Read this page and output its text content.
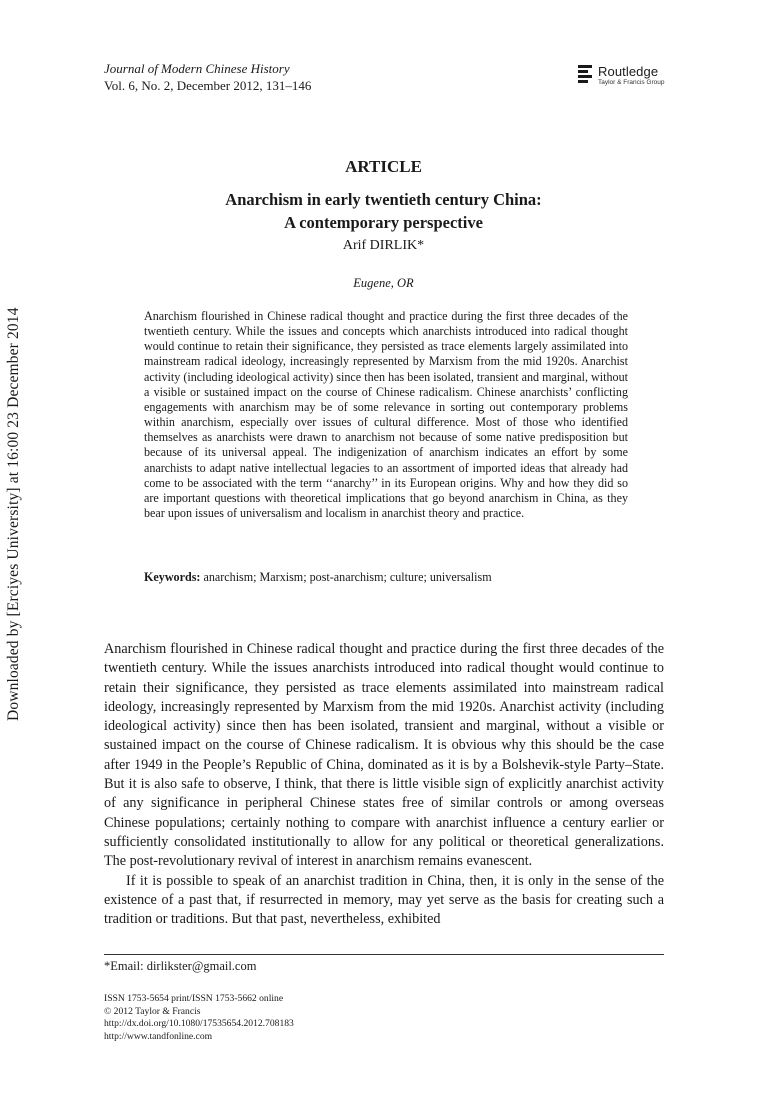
Journal of Modern Chinese History
Vol. 6, No. 2, December 2012, 131–146
Routledge
Taylor & Francis Group
Downloaded by [Erciyes University] at 16:00 23 December 2014
ARTICLE
Anarchism in early twentieth century China:
A contemporary perspective
Arif DIRLIK*
Eugene, OR

Anarchism flourished in Chinese radical thought and practice during the first three decades of the twentieth century. While the issues and concepts which anarchists introduced into radical thought would continue to retain their significance, they persisted as trace elements largely assimilated into mainstream radical ideology, increasingly represented by Marxism from the mid 1920s. Anarchist activity (including ideological activity) since then has been isolated, transient and marginal, without a visible or sustained impact on the course of Chinese radicalism. Chinese anarchists’ conflicting engagements with anarchism may be of some relevance in sorting out contemporary problems within anarchism, especially over issues of cultural difference. Most of those who identified themselves as anarchists were drawn to anarchism not because of some native predisposition but because of its universal appeal. The indigenization of anarchism indicates an effort by some anarchists to adapt native intellectual legacies to an assortment of imported ideas that already had come to be associated with the term ‘‘anarchy’’ in its European origins. Why and how they did so are important questions with theoretical implications that go beyond anarchism in China, as they bear upon issues of universalism and localism in anarchist theory and practice.

Keywords: anarchism; Marxism; post-anarchism; culture; universalism

Anarchism flourished in Chinese radical thought and practice during the first three decades of the twentieth century. While the issues anarchists introduced into radical thought would continue to retain their significance, they persisted as trace elements assimilated into mainstream radical ideology, increasingly represented by Marxism from the mid 1920s. Anarchist activity (including ideological activity) since then has been isolated, transient and marginal, without a visible or sustained impact on the course of Chinese radicalism. It is obvious why this should be the case after 1949 in the People’s Republic of China, dominated as it is by a Bolshevik-style Party–State. But it is also safe to observe, I think, that there is little visible sign of explicitly anarchist activity of any significance in peripheral Chinese states free of similar controls or among overseas Chinese populations; certainly nothing to compare with anarchist influence a century earlier or sufficiently consolidated institutionally to allow for any political or theoretical generalizations. The post-revolutionary revival of interest in anarchism remains evanescent.

If it is possible to speak of an anarchist tradition in China, then, it is only in the sense of the existence of a past that, if resurrected in memory, may yet serve as the basis for creating such a tradition or traditions. But that past, nevertheless, exhibited

*Email: dirlikster@gmail.com
ISSN 1753-5654 print/ISSN 1753-5662 online
© 2012 Taylor & Francis
http://dx.doi.org/10.1080/17535654.2012.708183
http://www.tandfonline.com
